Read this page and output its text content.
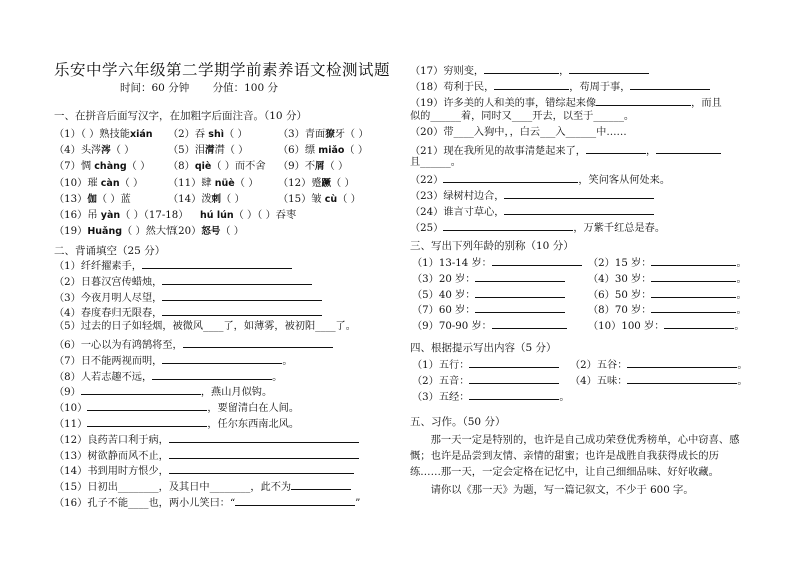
乐安中学六年级第二学期学前素养语文检测试题
时间：60 分钟 分值：100 分
一、在拼音后面写汉字，在加粗字后面注音。（10 分）
（1）（ ）熟技能xián （2）吞 shì（ ）	（3）青面獠牙（ ）
（4）头涔涔（ ）	（5）泪潸潸（ ）	（6）缥 miǎo（ ）
（7）惆 chàng（ ） （8）qiè（ ）而不舍 （9）不屑（ ）
（10）璀 càn（ ） （11）肆 nüè（ ） （12）蹙蹶（ ）
（13）伽（ ）蓝	（14）泼刺（ ）	（15）皱 cù（ ）
（16）吊 yàn（ ）（17-18） hú lún（ ）（ ）吞枣
（19）Huǎng（ ）然大悟
（20）怒号（ ）
二、背诵填空（25 分）
（1）纤纤擢素手，
（2）日暮汉宫传蜡烛，
（3）今夜月明人尽望，
（4）春度春归无限春，
（5）过去的日子如轻烟，被微风____了，如薄雾，被初阳____了。
（6）一心以为有鸿鹄将至，
（7）日不能两视而明，	。
（8）人若志趣不远，	。
（9）	，燕山月似钩。
（10）	，要留清白在人间。
（11）	，任尔东西南北风。
（12）良药苦口利于病，
（13）树欲静而风不止，
（14）书到用时方恨少，
（15）日初出________，及其日中________，此不为
（16）孔子不能____也，两小儿笑曰：“	”
（17）穷则变，	，
（18）苟利于民，	，苟周于事，
（19）许多美的人和美的事，错综起来像	，而且
（20）带____入狗中，，白云___入______中……
（21）现在我所见的故事清楚起来了，	，
（22）	，笑问客从何处来。
（23）绿树村边合，
（24）谁言寸草心，
（25）	，万紫千红总是春。
似的______着，同时又____开去，以至于______。
且______。
三、写出下列年龄的别称（10 分）
（1）13-14 岁：	（2）15 岁：	。
（3）20 岁：	（4）30 岁：	。
（5）40 岁：	（6）50 岁：	。
（7）60 岁：	（8）70 岁：	。
（9）70-90 岁：	（10）100 岁：	。
四、根据提示写出内容（5 分）
（1）五行：	（2）五谷：	。
（2）五音：	（4）五味：	。
（3）五经：	。
五、习作。（50 分）
那一天一定是特别的，也许是自己成功荣登优秀榜单，心中窃喜、感慨；也许是品尝到友情、亲情的甜蜜；也许是战胜自我获得成长的历练……那一天，一定会定格在记忆中，让自己细细品味、好好收藏。
请你以《那一天》为题，写一篇记叙文，不少于 600 字。
